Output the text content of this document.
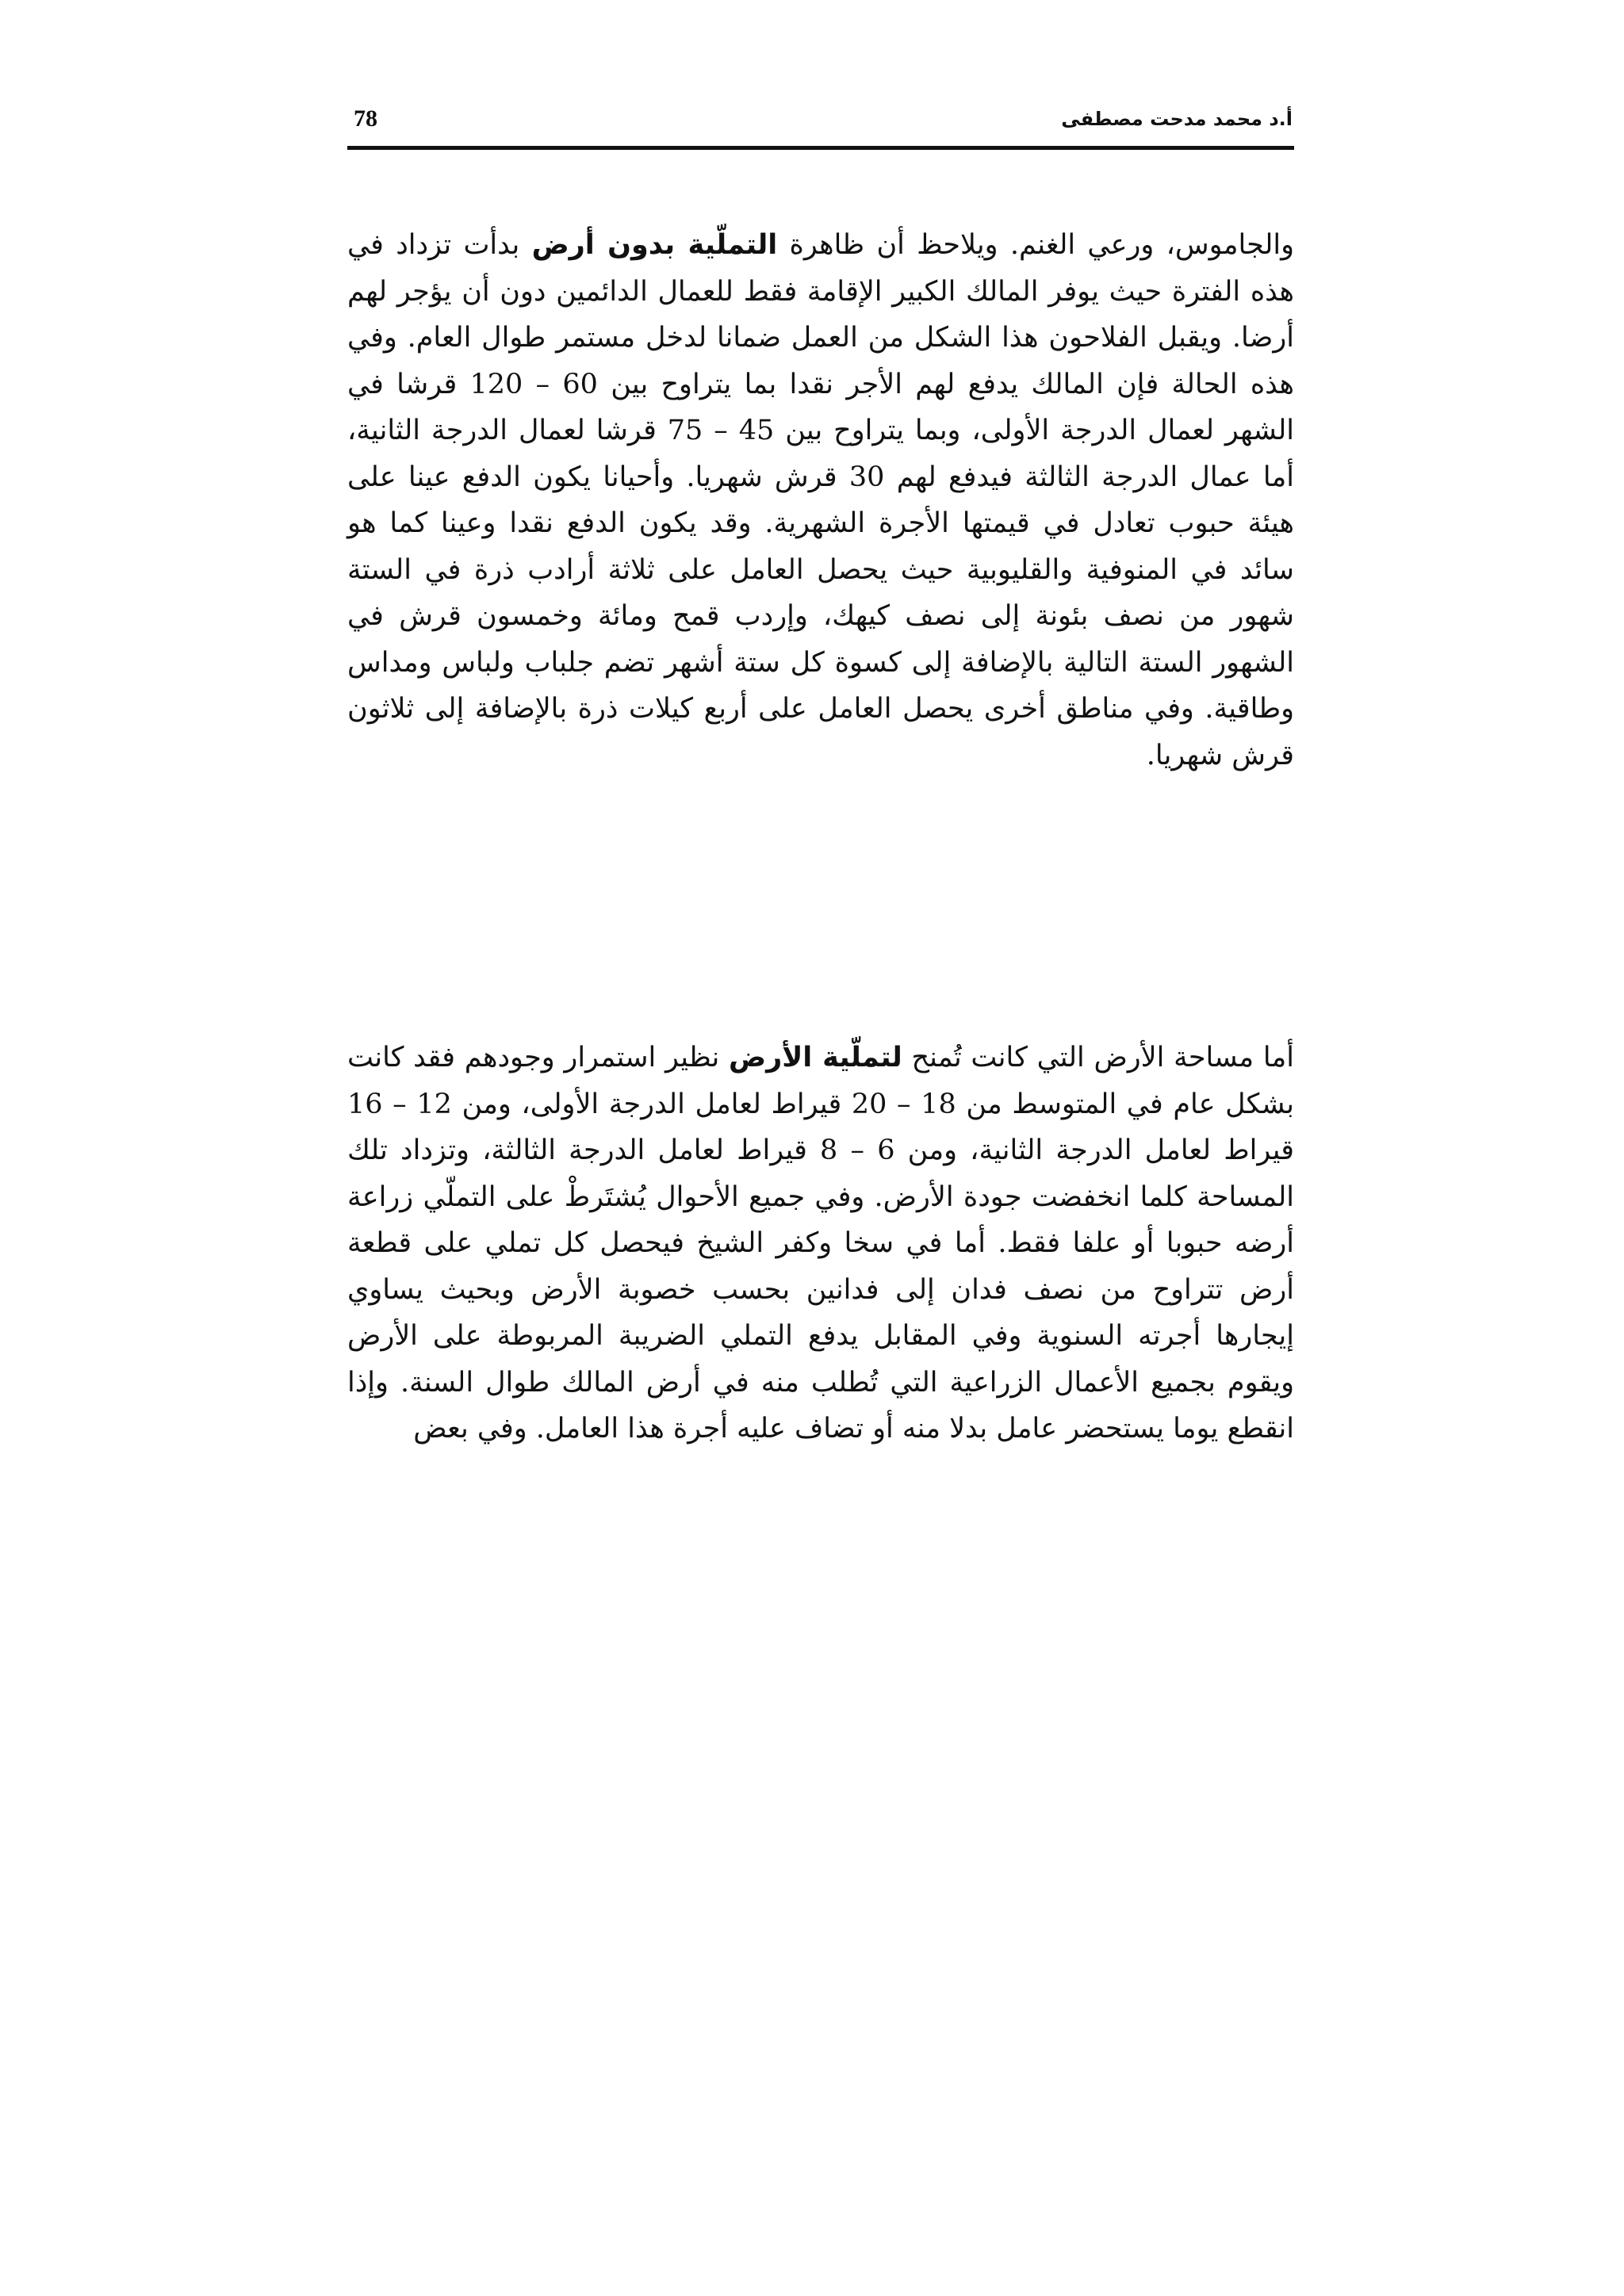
78	أ.د محمد مدحت مصطفى

والجاموس، ورعي الغنم. ويلاحظ أن ظاهرة التملّية بدون أرض بدأت تزداد في هذه الفترة حيث يوفر المالك الكبير الإقامة فقط للعمال الدائمين دون أن يؤجر لهم أرضا. ويقبل الفلاحون هذا الشكل من العمل ضمانا لدخل مستمر طوال العام. وفي هذه الحالة فإن المالك يدفع لهم الأجر نقدا بما يتراوح بين 60 – 120 قرشا في الشهر لعمال الدرجة الأولى، وبما يتراوح بين 45 – 75 قرشا لعمال الدرجة الثانية، أما عمال الدرجة الثالثة فيدفع لهم 30 قرش شهريا. وأحيانا يكون الدفع عينا على هيئة حبوب تعادل في قيمتها الأجرة الشهرية. وقد يكون الدفع نقدا وعينا كما هو سائد في المنوفية والقليوبية حيث يحصل العامل على ثلاثة أرادب ذرة في الستة شهور من نصف بئونة إلى نصف كيهك، وإردب قمح ومائة وخمسون قرش في الشهور الستة التالية بالإضافة إلى كسوة كل ستة أشهر تضم جلباب ولباس ومداس وطاقية. وفي مناطق أخرى يحصل العامل على أربع كيلات ذرة بالإضافة إلى ثلاثون قرش شهريا.

أما مساحة الأرض التي كانت تُمنح لتملّية الأرض نظير استمرار وجودهم فقد كانت بشكل عام في المتوسط من 18 – 20 قيراط لعامل الدرجة الأولى، ومن 12 – 16 قيراط لعامل الدرجة الثانية، ومن 6 – 8 قيراط لعامل الدرجة الثالثة، وتزداد تلك المساحة كلما انخفضت جودة الأرض. وفي جميع الأحوال يُشتَرطْ على التملّي زراعة أرضه حبوبا أو علفا فقط. أما في سخا وكفر الشيخ فيحصل كل تملي على قطعة أرض تتراوح من نصف فدان إلى فدانين بحسب خصوبة الأرض وبحيث يساوي إيجارها أجرته السنوية وفي المقابل يدفع التملي الضريبة المربوطة على الأرض ويقوم بجميع الأعمال الزراعية التي تُطلب منه في أرض المالك طوال السنة. وإذا انقطع يوما يستحضر عامل بدلا منه أو تضاف عليه أجرة هذا العامل. وفي بعض
